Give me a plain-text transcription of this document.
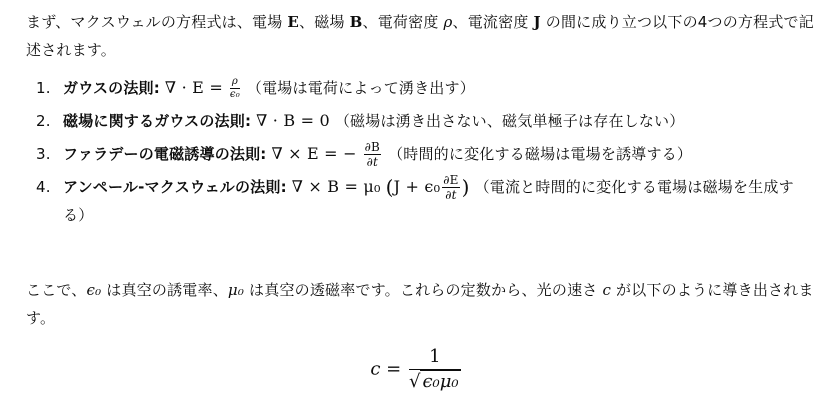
まず、マクスウェルの方程式は、電場 E、磁場 B、電荷密度 ρ、電流密度 J の間に成り立つ以下の4つの方程式で記述されます。

1. ガウスの法則: ∇ · $E = \frac{\rho}{\text{ϵ₀}}$ （電場は電荷によって湧き出す）
2. 磁場に関するガウスの法則: ∇ · B = 0 （磁場は湧き出さない、磁気単極子は存在しない）
3. ファラデーの電磁誘導の法則: ∇ × E = − $\frac{\partial B}{\partial t}$ （時間的に変化する磁場は電場を誘導する）
4. アンペール-マクスウェルの法則: ∇ × B = μ₀ ($J + \epsilon_0 \frac{\partial E}{\partial t}$ ) （電流と時間的に変化する電場は磁場を生成する）

ここで、ϵ₀ は真空の誘電率、μ₀ は真空の透磁率です。これらの定数から、光の速さ c が以下のように導き出されます。

$c = \frac{1}{\text{√ ϵ₀μ₀}}$
